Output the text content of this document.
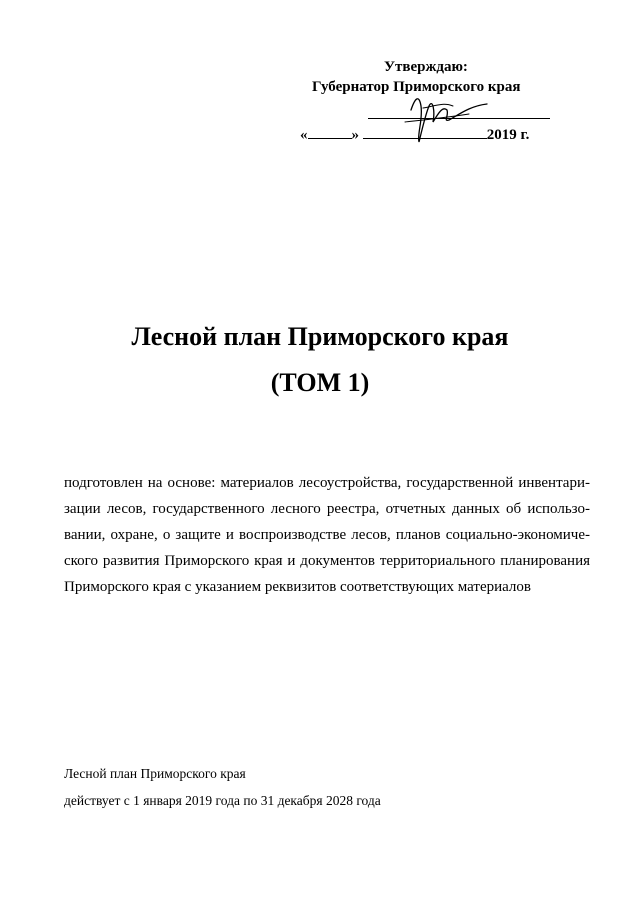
Утверждаю:
Губернатор Приморского края
«	»	2019 г.
Лесной план Приморского края
(ТОМ 1)
подготовлен на основе: материалов лесоустройства, государственной инвентари-
зации лесов, государственного лесного реестра, отчетных данных об использо-
вании, охране, о защите и воспроизводстве лесов, планов социально-экономиче-
ского развития Приморского края и документов территориального планирования
Приморского края с указанием реквизитов соответствующих материалов
Лесной план Приморского края
действует с 1 января 2019 года по 31 декабря 2028 года
